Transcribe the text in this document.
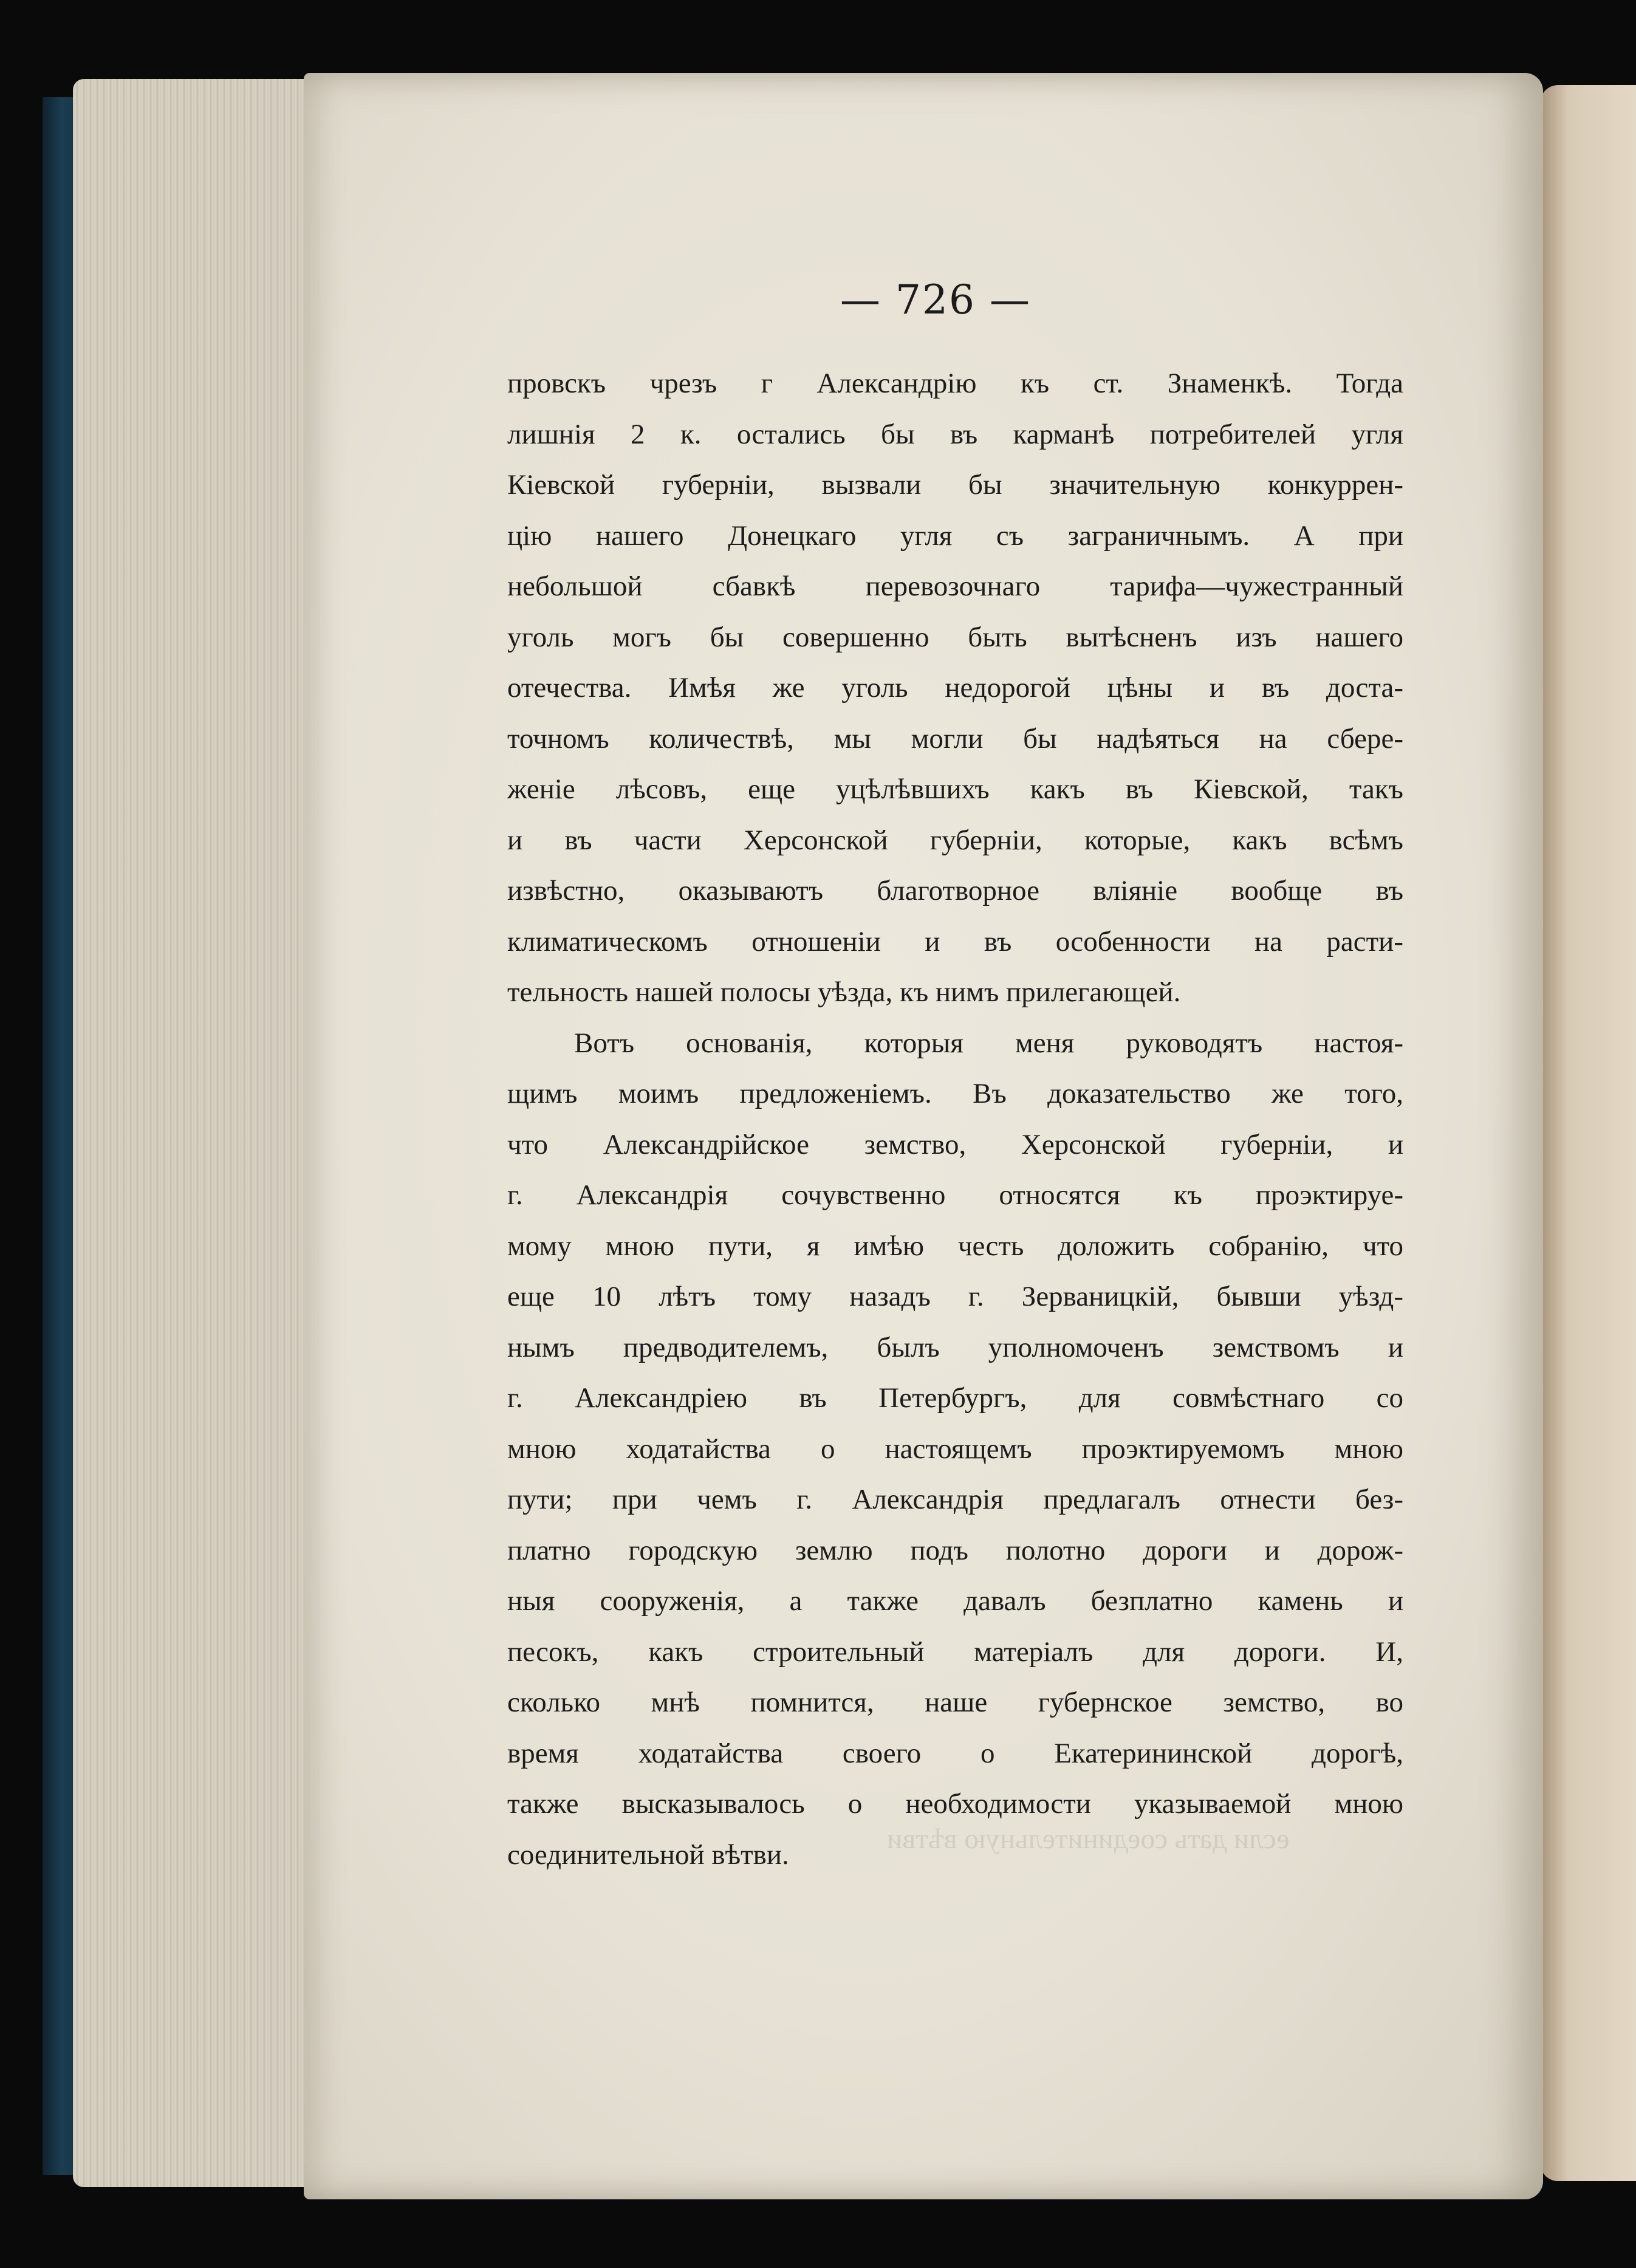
— 726 —
провскъ чрезъ г Александрію къ ст. Знаменкѣ. Тогда
лишнія 2 к. остались бы въ карманѣ потребителей угля
Кіевской губерніи, вызвали бы значительную конкуррен-
цію нашего Донецкаго угля съ заграничнымъ. А при
небольшой сбавкѣ перевозочнаго тарифа—чужестранный
уголь могъ бы совершенно быть вытѣсненъ изъ нашего
отечества. Имѣя же уголь недорогой цѣны и въ доста-
точномъ количествѣ, мы могли бы надѣяться на сбере-
женіе лѣсовъ, еще уцѣлѣвшихъ какъ въ Кіевской, такъ
и въ части Херсонской губерніи, которые, какъ всѣмъ
извѣстно, оказываютъ благотворное вліяніе вообще въ
климатическомъ отношеніи и въ особенности на расти-
тельность нашей полосы уѣзда, къ нимъ прилегающей.
Вотъ основанія, которыя меня руководятъ настоя-
щимъ моимъ предложеніемъ. Въ доказательство же того,
что Александрійское земство, Херсонской губерніи, и
г. Александрія сочувственно относятся къ проэктируе-
мому мною пути, я имѣю честь доложить собранію, что
еще 10 лѣтъ тому назадъ г. Зерваницкій, бывши уѣзд-
нымъ предводителемъ, былъ уполномоченъ земствомъ и
г. Александріею въ Петербургъ, для совмѣстнаго со
мною ходатайства о настоящемъ проэктируемомъ мною
пути; при чемъ г. Александрія предлагалъ отнести без-
платно городскую землю подъ полотно дороги и дорож-
ныя сооруженія, а также давалъ безплатно камень и
песокъ, какъ строительный матеріалъ для дороги. И,
сколько мнѣ помнится, наше губернское земство, во
время ходатайства своего о Екатерининской дорогѣ,
также высказывалось о необходимости указываемой мною
соединительной вѣтви.	если дать соединительную вѣтви
